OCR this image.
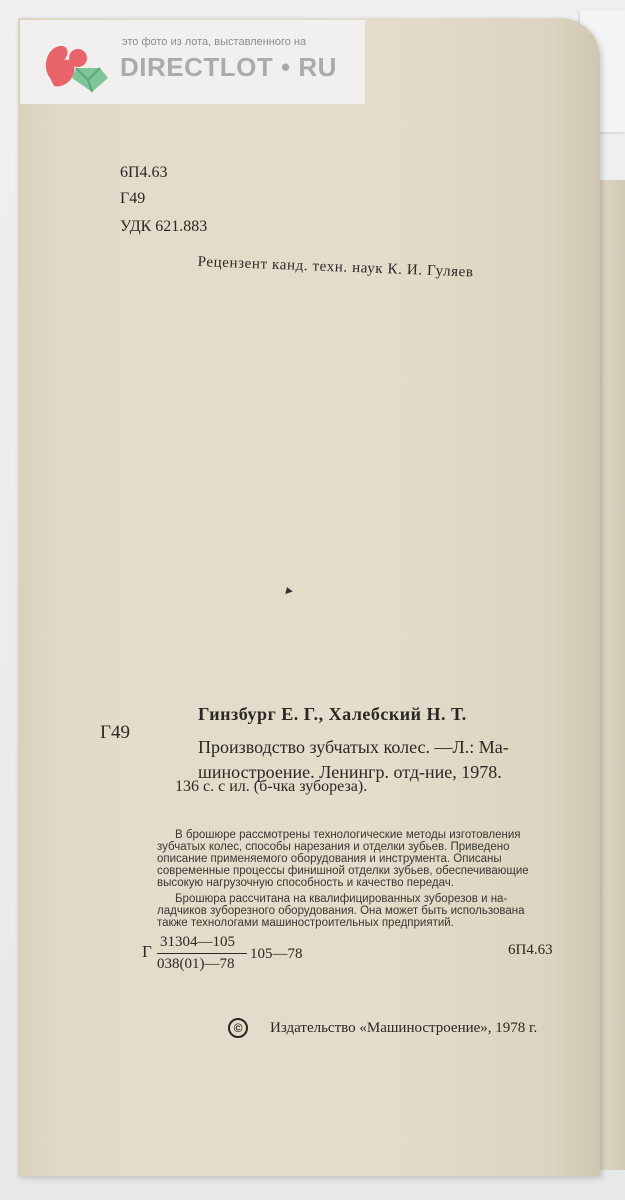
это фото из лота, выставленного на
DIRECTLOT • RU
6П4.63
Г49
УДК 621.883
Рецензент канд. техн. наук К. И. Гуляев
Гинзбург Е. Г., Халебский Н. Т.
Г49
Производство зубчатых колес. —Л.: Ма-
шиностроение. Ленингр. отд-ние, 1978.
136 с. с ил. (б-чка зубореза).
В брошюре рассмотрены технологические методы изготовления
зубчатых колес, способы нарезания и отделки зубьев. Приведено
описание применяемого оборудования и инструмента. Описаны
современные процессы финишной отделки зубьев, обеспечивающие
высокую нагрузочную способность и качество передач.
Брошюра рассчитана на квалифицированных зуборезов и на-
ладчиков зуборезного оборудования. Она может быть использована
также технологами машиностроительных предприятий.
Г 31304—105
038(01)—78
105—78	6П4.63
©	Издательство «Машиностроение», 1978 г.
